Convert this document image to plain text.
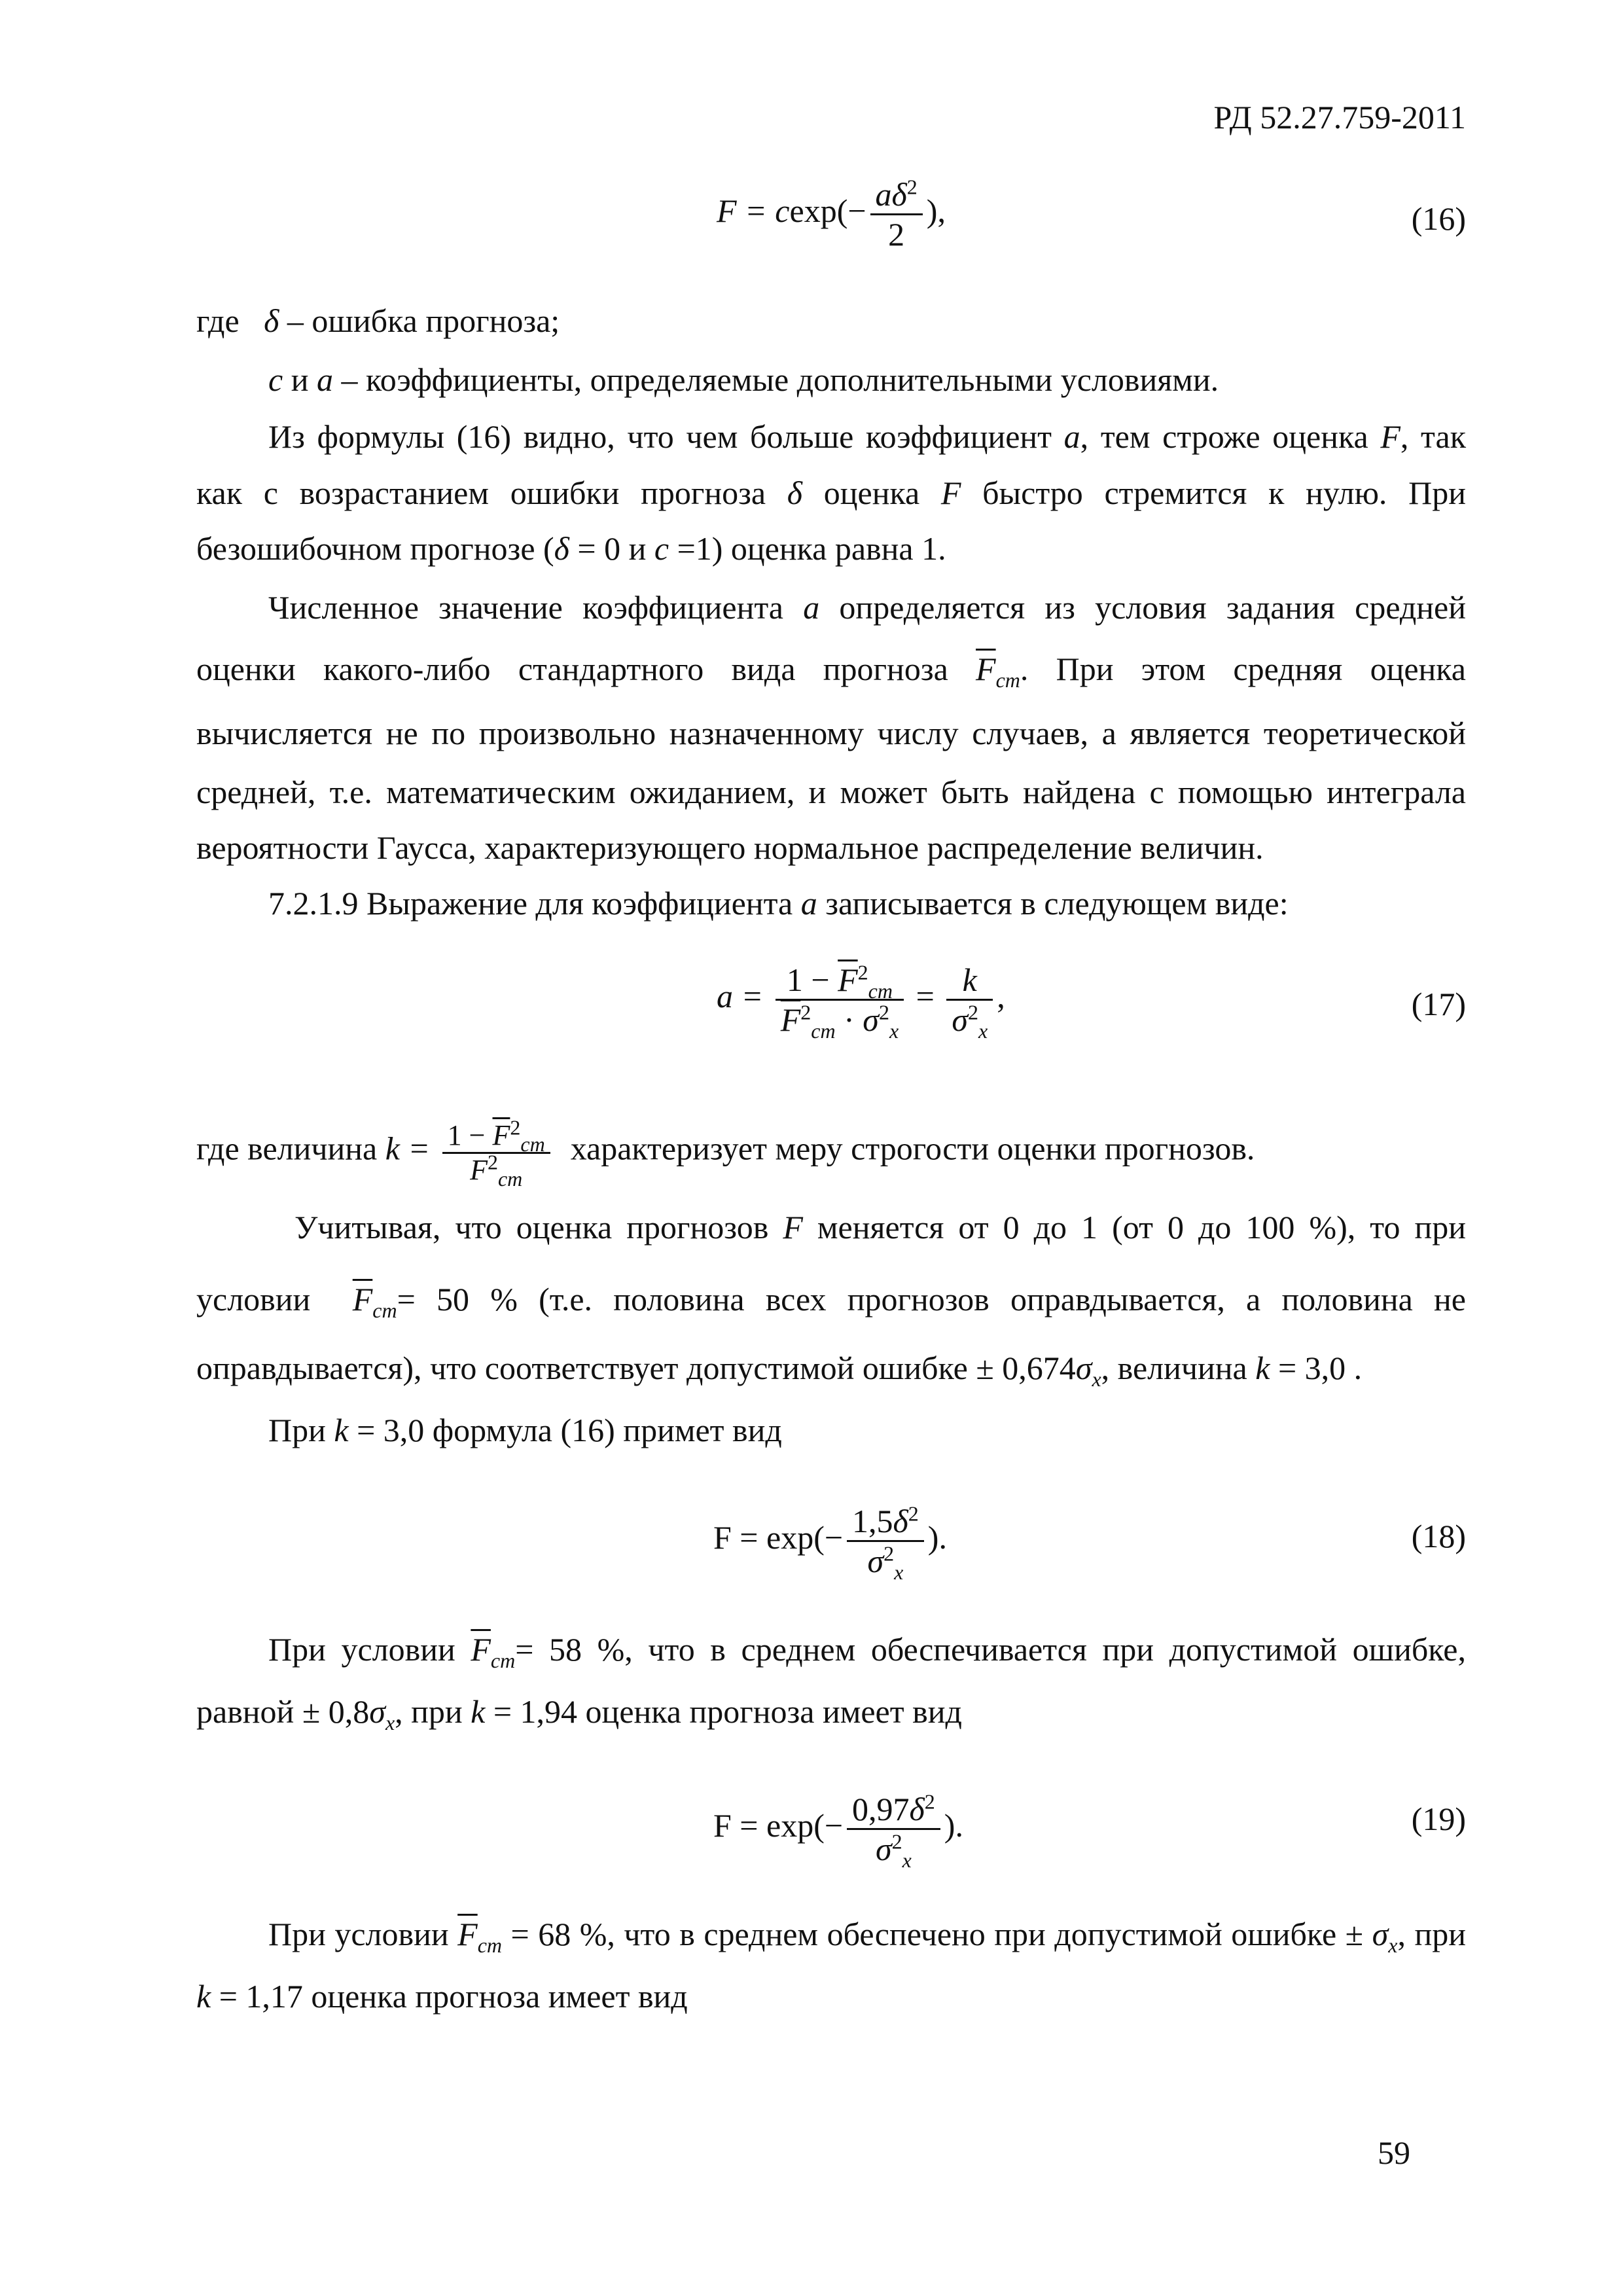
РД 52.27.759-2011
$F = cexp(- \frac{a\delta^2}{2}$ ),	(16)
где δ – ошибка прогноза;
c и a – коэффициенты, определяемые дополнительными условиями.
Из формулы (16) видно, что чем больше коэффициент a, тем строже оценка F, так
как с возрастанием ошибки прогноза δ оценка F быстро стремится к нулю. При
безошибочном прогнозе (δ = 0 и c =1) оценка равна 1.
Численное значение коэффициента a определяется из условия задания средней
оценки какого-либо стандартного вида прогноза $\overline{F}_{ст}$. При этом средняя оценка
вычисляется не по произвольно назначенному числу случаев, а является теоретической
средней, т.е. математическим ожиданием, и может быть найдена с помощью интеграла
вероятности Гаусса, характеризующего нормальное распределение величин.
7.2.1.9 Выражение для коэффициента a записывается в следующем виде:
$a = 1 - \overline{F}^2_{ст}$
$\overline{F}^2_{ст} \cdot \sigma^2_x$
= $\frac{k}{\sigma^2_x}$ ,	(17)
где величина $k = 1 - \overline{F}^2_{ст}$
$\overline{F}^2_{ст}$
характеризует меру строгости оценки прогнозов.
Учитывая, что оценка прогнозов F меняется от 0 до 1 (от 0 до 100 %), то при
условии  $\overline{F}_{ст}= 50$ % (т.е. половина всех прогнозов оправдывается, а половина не
оправдывается), что соответствует допустимой ошибке ± $0,674\sigma_x$, величина k = 3,0 .
При k = 3,0 формула (16) примет вид
$F = \exp(- \frac{1,5\delta^2}{\sigma^2_x}$ ).	(18)
При условии $\overline{F}_{ст}= 58$ %, что в среднем обеспечивается при допустимой ошибке,
равной ± $0,8\sigma_x$, при k = 1,94 оценка прогноза имеет вид
$F = \exp(- \frac{0,97\delta^2}{\sigma^2_x}$ ).	(19)
При условии $\overline{F}_{ст} = 68$ %, что в среднем обеспечено при допустимой ошибке ± $\sigma_x$, при
k = 1,17 оценка прогноза имеет вид
59
